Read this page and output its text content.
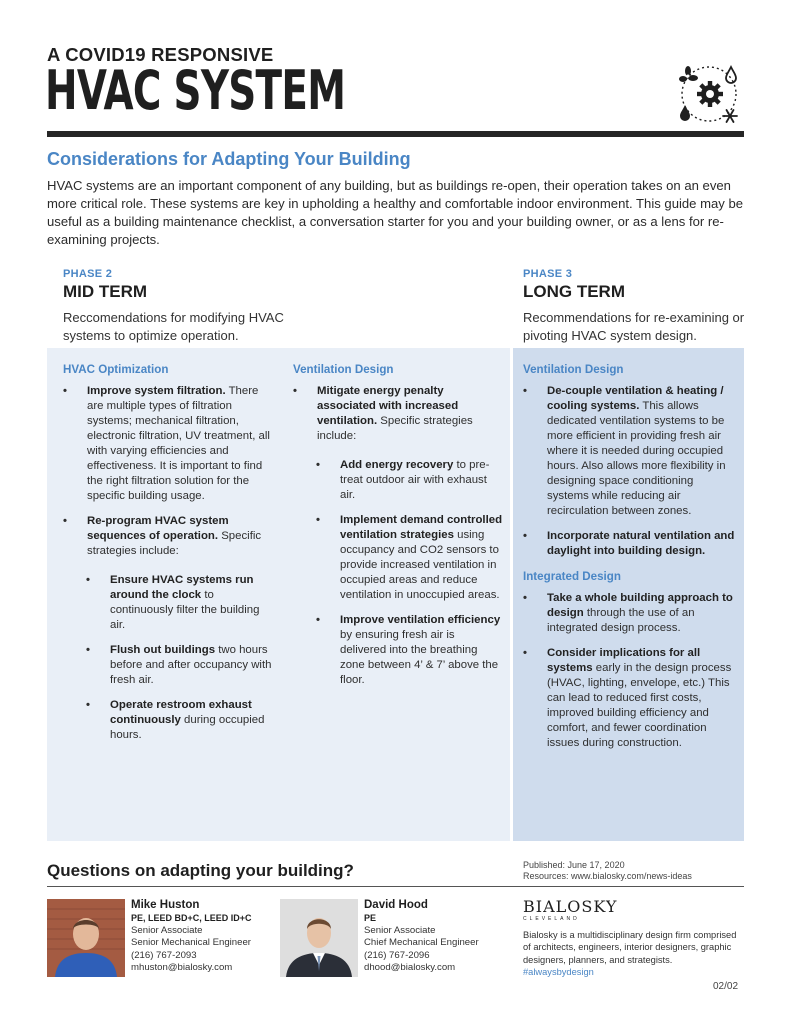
A COVID19 RESPONSIVE
HVAC SYSTEM
Considerations for Adapting Your Building

HVAC systems are an important component of any building, but as buildings re-open, their operation takes on an even more critical role. These systems are key in upholding a healthy and comfortable indoor environment. This guide may be useful as a building maintenance checklist, a conversation starter for you and your building owner, or as a lens for re-examining projects.

PHASE 2
MID TERM
Reccomendations for modifying HVAC systems to optimize operation.
PHASE 3
LONG TERM
Recommendations for re-examining or pivoting HVAC system design.
HVAC Optimization
• Improve system filtration. There are multiple types of filtration systems; mechanical filtration, electronic filtration, UV treatment, all with varying efficiencies and effectiveness. It is important to find the right filtration solution for the specific building usage.
• Re-program HVAC system sequences of operation. Specific strategies include:
• Ensure HVAC systems run around the clock to continuously filter the building air.
• Flush out buildings two hours before and after occupancy with fresh air.
• Operate restroom exhaust continuously during occupied hours.
Ventilation Design
• Mitigate energy penalty associated with increased ventilation. Specific strategies include:
• Add energy recovery to pre-treat outdoor air with exhaust air.
• Implement demand controlled ventilation strategies using occupancy and CO2 sensors to provide increased ventilation in occupied areas and reduce ventilation in unoccupied areas.
• Improve ventilation efficiency by ensuring fresh air is delivered into the breathing zone between 4’ & 7’ above the floor.
Ventilation Design
• De-couple ventilation & heating / cooling systems. This allows dedicated ventilation systems to be more efficient in providing fresh air where it is needed during occupied hours. Also allows more flexibility in designing space conditioning systems while reducing air recirculation between zones.
• Incorporate natural ventilation and daylight into building design.
Integrated Design
• Take a whole building approach to design through the use of an integrated design process.
• Consider implications for all systems early in the design process (HVAC, lighting, envelope, etc.) This can lead to reduced first costs, improved building efficiency and comfort, and fewer coordination issues during construction.
Questions on adapting your building?	Published: June 17, 2020
Resources: www.bialosky.com/news-ideas
Mike Huston
PE, LEED BD+C, LEED ID+C
Senior Associate
Senior Mechanical Engineer
(216) 767-2093
mhuston@bialosky.com
David Hood
PE
Senior Associate
Chief Mechanical Engineer
(216) 767-2096
dhood@bialosky.com
BIALOSKY
CLEVELAND
Bialosky is a multidisciplinary design firm comprised of architects, engineers, interior designers, graphic designers, planners, and strategists. #alwaysbydesign
02/02
